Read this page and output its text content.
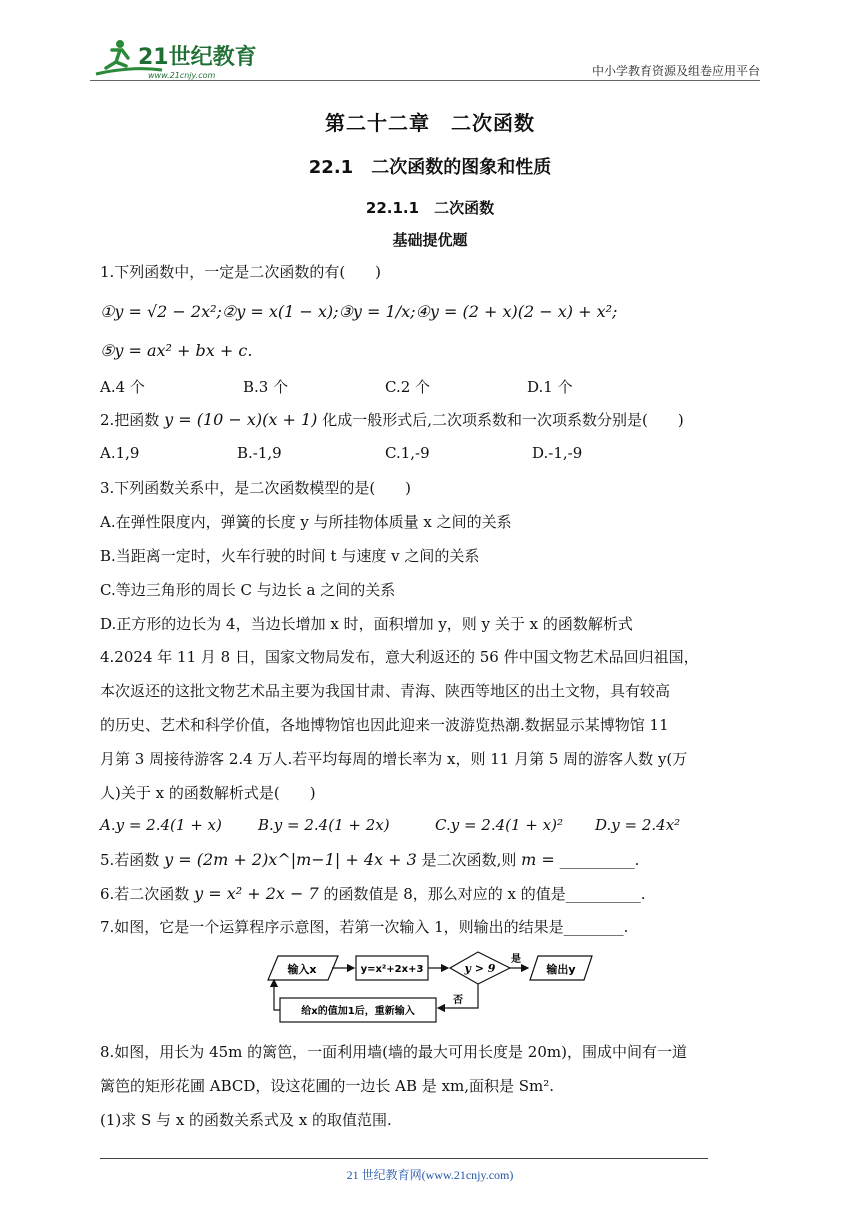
21世纪教育
www.21cnjy.com	中小学教育资源及组卷应用平台
第二十二章　二次函数
22.1　二次函数的图象和性质
22.1.1　二次函数
基础提优题
1.下列函数中，一定是二次函数的有(　　)
①y = √2 − 2x²;②y = x(1 − x);③y = 1/x;④y = (2 + x)(2 − x) + x²;
⑤y = ax² + bx + c.
A.4 个	B.3 个	C.2 个	D.1 个
2.把函数 y = (10 − x)(x + 1) 化成一般形式后,二次项系数和一次项系数分别是(　　)
A.1,9	B.-1,9	C.1,-9	D.-1,-9
3.下列函数关系中，是二次函数模型的是(　　)
A.在弹性限度内，弹簧的长度 y 与所挂物体质量 x 之间的关系
B.当距离一定时，火车行驶的时间 t 与速度 v 之间的关系
C.等边三角形的周长 C 与边长 a 之间的关系
D.正方形的边长为 4，当边长增加 x 时，面积增加 y，则 y 关于 x 的函数解析式
4.2024 年 11 月 8 日，国家文物局发布，意大利返还的 56 件中国文物艺术品回归祖国，
本次返还的这批文物艺术品主要为我国甘肃、青海、陕西等地区的出土文物，具有较高
的历史、艺术和科学价值，各地博物馆也因此迎来一波游览热潮.数据显示某博物馆 11
月第 3 周接待游客 2.4 万人.若平均每周的增长率为 x，则 11 月第 5 周的游客人数 y(万
人)关于 x 的函数解析式是(　　)
A.y = 2.4(1 + x) B.y = 2.4(1 + 2x)	C.y = 2.4(1 + x)² D.y = 2.4x²
5.若函数 y = (2m + 2)x^|m−1| + 4x + 3 是二次函数,则 m = __________.
6.若二次函数 y = x² + 2x − 7 的函数值是 8，那么对应的 x 的值是__________.
7.如图，它是一个运算程序示意图，若第一次输入 1，则输出的结果是________.
输入x	y=x²+2x+3	y > 9
是
输出y
否
给x的值加1后，重新输入
8.如图，用长为 45m 的篱笆，一面利用墙(墙的最大可用长度是 20m)，围成中间有一道
篱笆的矩形花圃 ABCD，设这花圃的一边长 AB 是 xm,面积是 Sm².
(1)求 S 与 x 的函数关系式及 x 的取值范围.
21 世纪教育网(www.21cnjy.com)
